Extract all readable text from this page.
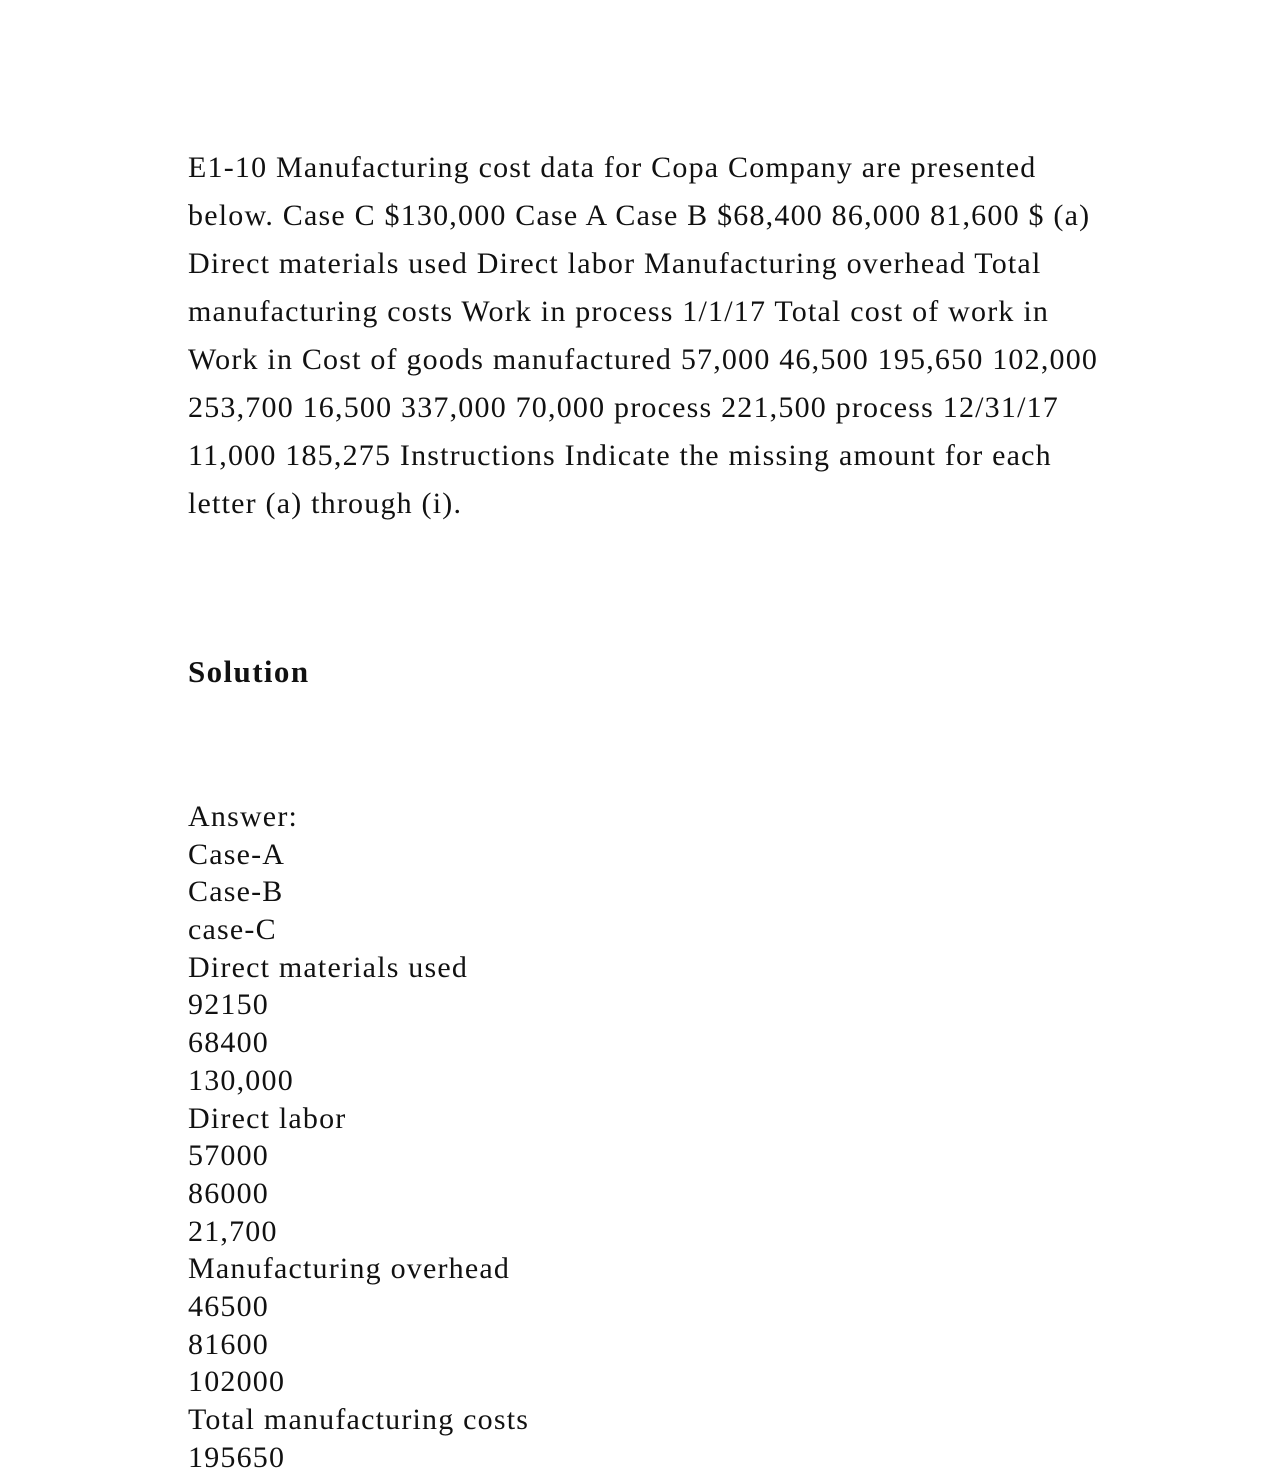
E1-10 Manufacturing cost data for Copa Company are presented below. Case C $130,000 Case A Case B $68,400 86,000 81,600 $ (a) Direct materials used Direct labor Manufacturing overhead Total manufacturing costs Work in process 1/1/17 Total cost of work in Work in Cost of goods manufactured 57,000 46,500 195,650 102,000 253,700 16,500 337,000 70,000 process 221,500 process 12/31/17 11,000 185,275 Instructions Indicate the missing amount for each letter (a) through (i).

Solution
Answer:
Case-A
Case-B
case-C
Direct materials used
92150
68400
130,000
Direct labor
57000
86000
21,700
Manufacturing overhead
46500
81600
102000
Total manufacturing costs
195650
